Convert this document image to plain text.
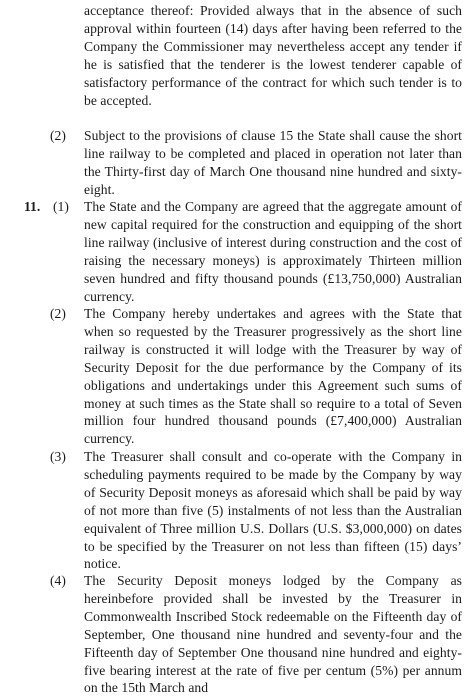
acceptance thereof: Provided always that in the absence of such approval within fourteen (14) days after having been referred to the Company the Commissioner may nevertheless accept any tender if he is satisfied that the tenderer is the lowest tenderer capable of satisfactory performance of the contract for which such tender is to be accepted.

(2) Subject to the provisions of clause 15 the State shall cause the short line railway to be completed and placed in operation not later than the Thirty-first day of March One thousand nine hundred and sixty-eight.

11. (1) The State and the Company are agreed that the aggregate amount of new capital required for the construction and equipping of the short line railway (inclusive of interest during construction and the cost of raising the necessary moneys) is approximately Thirteen million seven hundred and fifty thousand pounds (£13,750,000) Australian currency.

(2) The Company hereby undertakes and agrees with the State that when so requested by the Treasurer progressively as the short line railway is constructed it will lodge with the Treasurer by way of Security Deposit for the due performance by the Company of its obligations and undertakings under this Agreement such sums of money at such times as the State shall so require to a total of Seven million four hundred thousand pounds (£7,400,000) Australian currency.

(3) The Treasurer shall consult and co-operate with the Company in scheduling payments required to be made by the Company by way of Security Deposit moneys as aforesaid which shall be paid by way of not more than five (5) instalments of not less than the Australian equivalent of Three million U.S. Dollars (U.S. $3,000,000) on dates to be specified by the Treasurer on not less than fifteen (15) days’ notice.

(4) The Security Deposit moneys lodged by the Company as hereinbefore provided shall be invested by the Treasurer in Commonwealth Inscribed Stock redeemable on the Fifteenth day of September, One thousand nine hundred and seventy-four and the Fifteenth day of September One thousand nine hundred and eighty-five bearing interest at the rate of five per centum (5%) per annum on the 15th March and
